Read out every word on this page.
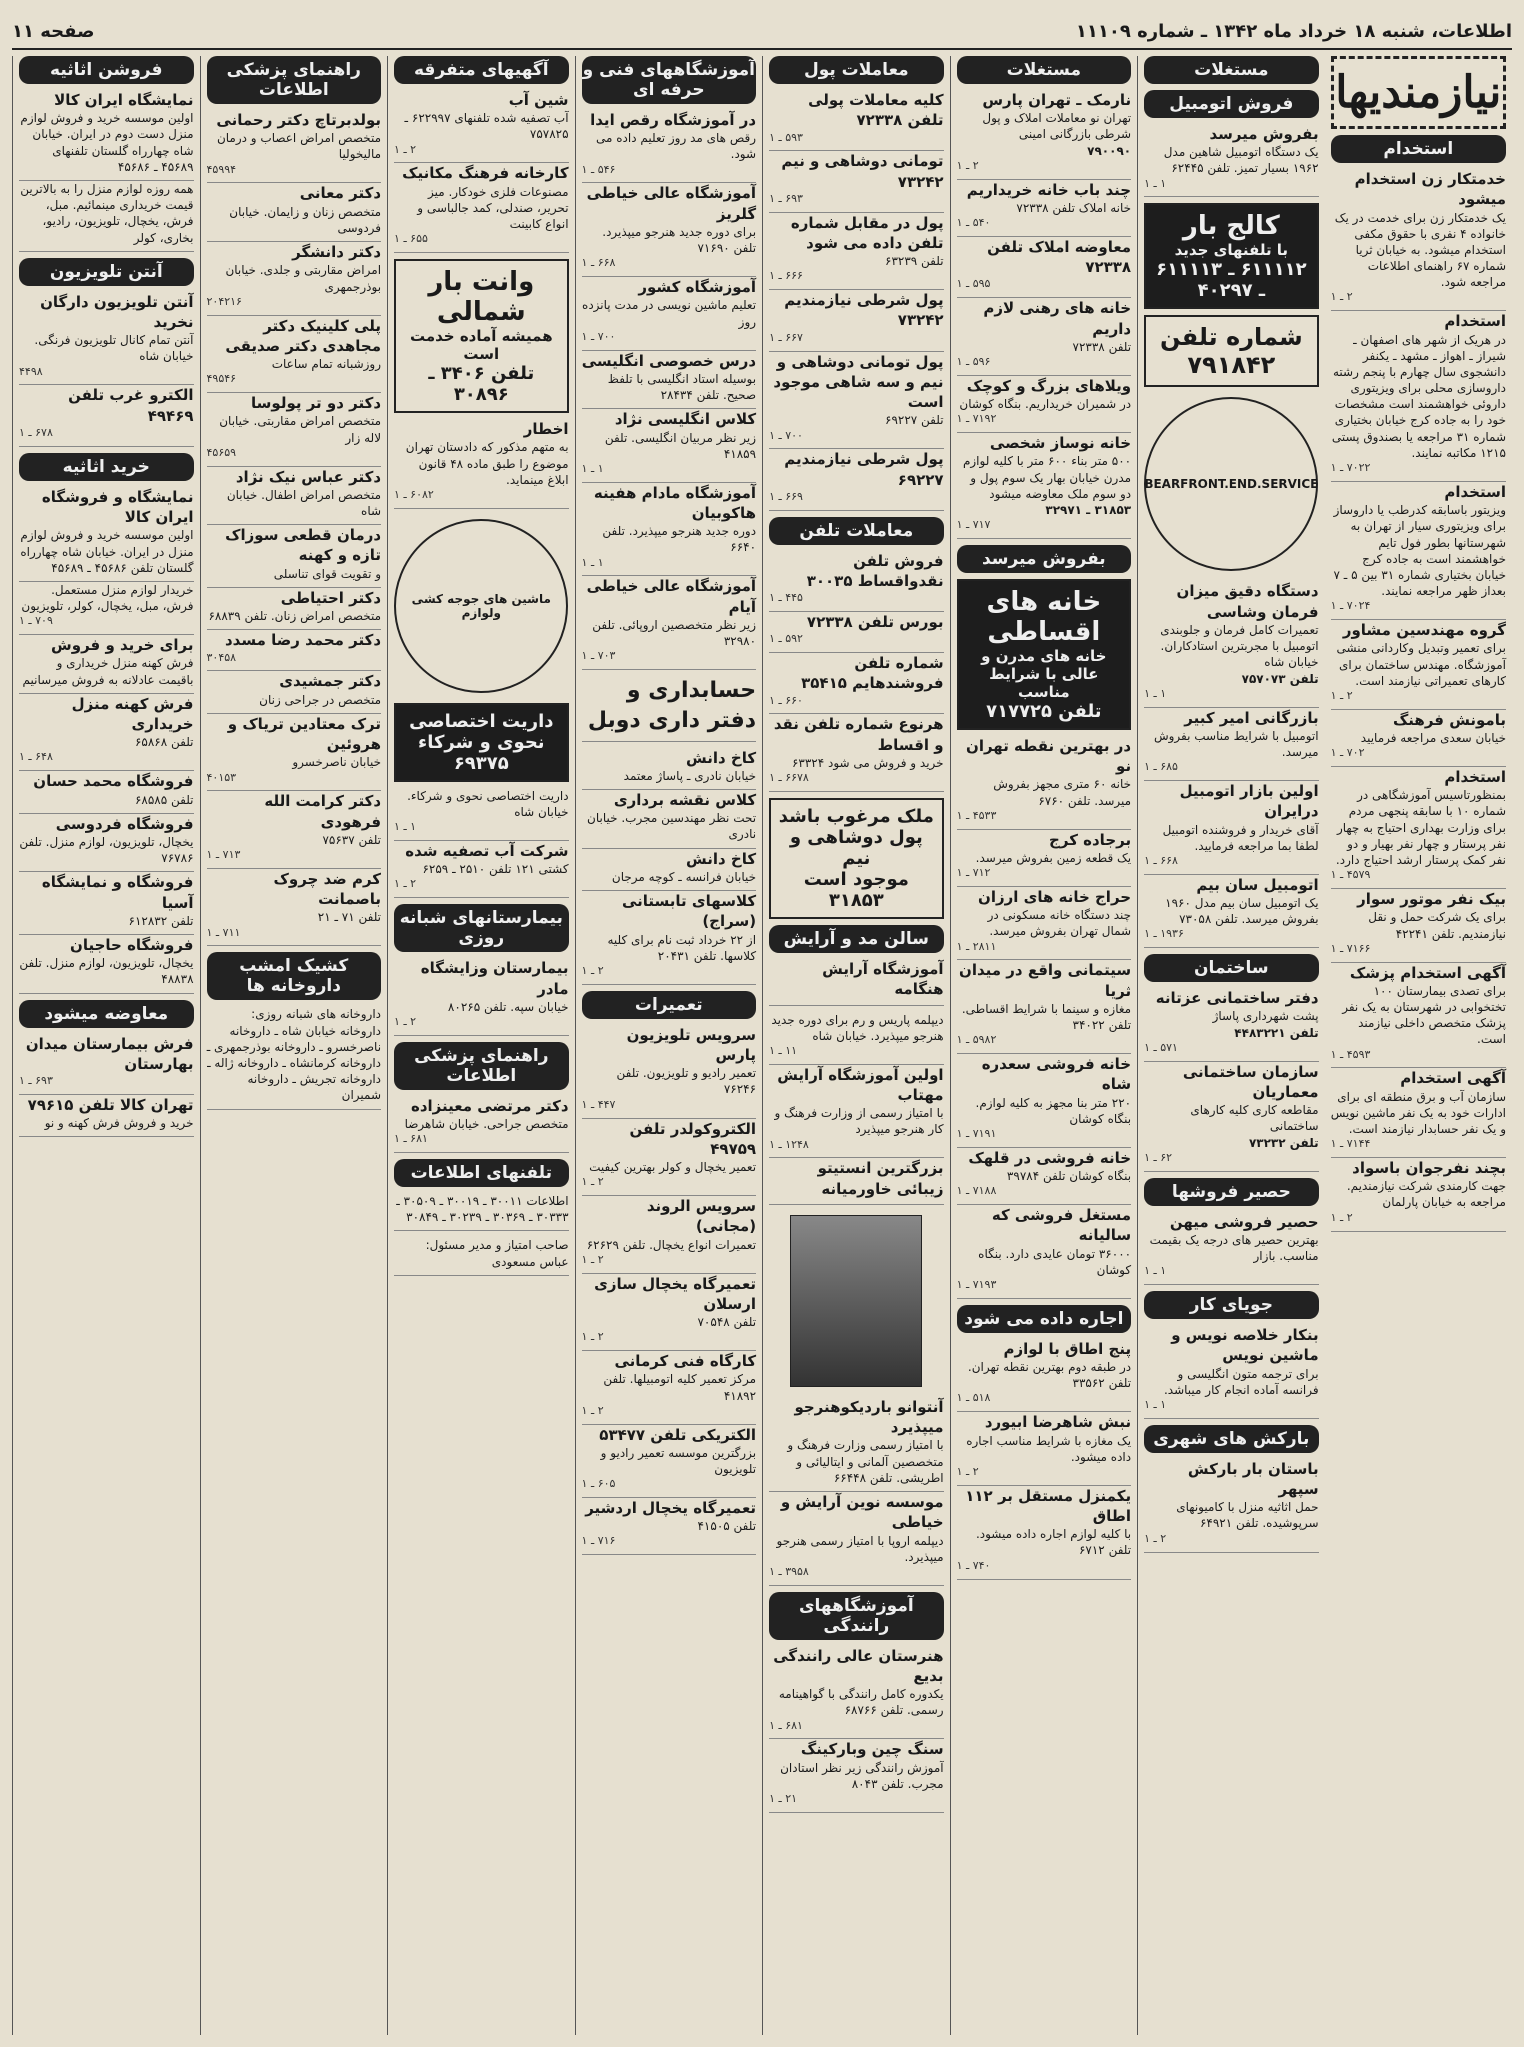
صفحه ۱۱	اطلاعات، شنبه ۱۸ خرداد ماه ۱۳۴۲ ـ شماره ۱۱۱۰۹
نیازمندیها
استخدام
خدمتکار زن استخدام میشود
یک خدمتکار زن برای خدمت در یک خانواده ۴ نفری با حقوق مکفی استخدام میشود. به خیابان ثریا شماره ۶۷ راهنمای اطلاعات مراجعه شود.
۲ ـ ۱
استخدام
در هریک از شهر های اصفهان ـ شیراز ـ اهواز ـ مشهد ـ یکنفر دانشجوی سال چهارم با پنجم رشته داروسازی محلی برای ویزیتوری داروئی خواهشمند است مشخصات خود را به جاده کرج خیابان بختیاری شماره ۳۱ مراجعه یا بصندوق پستی ۱۲۱۵ مکاتبه نمایند.
۷۰۲۲ ـ ۱
استخدام
ویزیتور باسابقه کدرطب یا داروساز برای ویزیتوری سیار از تهران به شهرستانها بطور فول تایم خواهشمند است به جاده کرج خیابان بختیاری شماره ۳۱ بین ۵ ـ ۷ بعداز ظهر مراجعه نمایند.
۷۰۲۴ ـ ۱
گروه مهندسین مشاور
برای تعمیر وتبدیل وکاردانی منشی آموزشگاه. مهندس ساختمان برای کارهای تعمیراتی نیازمند است.
۲ ـ ۱
بامونش فرهنگ
خیابان سعدی مراجعه فرمایید
۷۰۲ ـ ۱
استخدام
بمنظورتاسیس آموزشگاهی در شماره ۱۰ با سابقه پنجهی مردم برای وزارت بهداری احتیاج به چهار نفر پرستار و چهار نفر بهیار و دو نفر کمک پرستار ارشد احتیاج دارد.
۴۵۷۹ ـ ۱
بیک نفر موتور سوار
برای یک شرکت حمل و نقل نیازمندیم. تلفن ۴۲۲۴۱
۷۱۶۶ ـ ۱
آگهی استخدام پزشک
برای تصدی بیمارستان ۱۰۰ تختخوابی در شهرستان به یک نفر پزشک متخصص داخلی نیازمند است.
۴۵۹۳ ـ ۱
آگهی استخدام
سازمان آب و برق منطقه ای برای ادارات خود به یک نفر ماشین نویس و یک نفر حسابدار نیازمند است.
۷۱۴۴ ـ ۱
بچند نفرجوان باسواد
جهت کارمندی شرکت نیازمندیم. مراجعه به خیابان پارلمان
۲ ـ ۱
مستغلات
فروش اتومبیل
بفروش میرسد
یک دستگاه اتومبیل شاهین مدل ۱۹۶۲ بسیار تمیز. تلفن ۶۲۴۴۵
۱ ـ ۱
کالج بار
با تلفنهای جدید
۶۱۱۱۱۲ ـ ۶۱۱۱۱۳ ـ ۴۰۲۹۷
شماره تلفن ۷۹۱۸۴۲
BEARFRONT.END.SERVICE
دستگاه دقیق میزان فرمان وشاسی
تعمیرات کامل فرمان و جلوبندی اتومبیل با مجربترین استادکاران. خیابان شاه
تلفن ۷۵۷۰۷۳
۱ ـ ۱
بازرگانی امیر کبیر
اتومبیل با شرایط مناسب بفروش میرسد.
۶۸۵ ـ ۱
اولین بازار اتومبیل درایران
آقای خریدار و فروشنده اتومبیل لطفا بما مراجعه فرمایید.
۶۶۸ ـ ۱
اتومبیل سان بیم
یک اتومبیل سان بیم مدل ۱۹۶۰ بفروش میرسد. تلفن ۷۳۰۵۸
۱۹۳۶ ـ ۱
ساختمان
دفتر ساختمانی عزتانه
پشت شهرداری پاساژ
تلفن ۴۴۸۳۲۲۱
۵۷۱ ـ ۱
سازمان ساختمانی معماریان
مقاطعه کاری کلیه کارهای ساختمانی
تلفن ۷۳۲۳۲
۶۲ ـ ۱
حصیر فروشها
حصیر فروشی میهن
بهترین حصیر های درجه یک بقیمت مناسب. بازار
۱ ـ ۱
جویای کار
بنکار خلاصه نویس و ماشین نویس
برای ترجمه متون انگلیسی و فرانسه آماده انجام کار میباشد.
۱ ـ ۱
بارکش های شهری
باستان بار بارکش سپهر
حمل اثاثیه منزل با کامیونهای سرپوشیده. تلفن ۶۴۹۲۱
۲ ـ ۱
مستغلات
نارمک ـ تهران پارس
تهران نو معاملات املاک و پول شرطی بازرگانی امینی
۷۹۰۰۹۰
۲ ـ ۱
چند باب خانه خریداریم
خانه املاک تلفن ۷۲۳۳۸
۵۴۰ ـ ۱
معاوضه املاک تلفن ۷۲۳۳۸
۵۹۵ ـ ۱
خانه های رهنی لازم داریم
تلفن ۷۲۳۳۸
۵۹۶ ـ ۱
ویلاهای بزرگ و کوچک
در شمیران خریداریم. بنگاه کوشان
۷۱۹۲ ـ ۱
خانه نوساز شخصی
۵۰۰ متر بناء ۶۰۰ متر با کلیه لوازم مدرن خیابان بهار یک سوم پول و دو سوم ملک معاوضه میشود
۳۱۸۵۳ ـ ۳۲۹۷۱
۷۱۷ ـ ۱
بفروش میرسد
خانه های اقساطی
خانه های مدرن و عالی با شرایط مناسب
تلفن ۷۱۷۷۲۵
در بهترین نقطه تهران نو
خانه ۶۰ متری مجهز بفروش میرسد. تلفن ۶۷۶۰
۴۵۳۳ ـ ۱
برجاده کرج
یک قطعه زمین بفروش میرسد.
۷۱۲ ـ ۱
حراج خانه های ارزان
چند دستگاه خانه مسکونی در شمال تهران بفروش میرسد.
۲۸۱۱ ـ ۱
سیتمانی واقع در میدان ثریا
مغازه و سینما با شرایط اقساطی. تلفن ۳۴۰۲۲
۵۹۸۲ ـ ۱
خانه فروشی سعدره شاه
۲۲۰ متر بنا مجهز به کلیه لوازم. بنگاه کوشان
۷۱۹۱ ـ ۱
خانه فروشی در قلهک
بنگاه کوشان تلفن ۳۹۷۸۴
۷۱۸۸ ـ ۱
مستغل فروشی که سالیانه
۳۶۰۰۰ تومان عایدی دارد. بنگاه کوشان
۷۱۹۳ ـ ۱
اجاره داده می شود
پنج اطاق با لوازم
در طبقه دوم بهترین نقطه تهران. تلفن ۳۳۵۶۲
۵۱۸ ـ ۱
نبش شاهرضا ابیورد
یک مغازه با شرایط مناسب اجاره داده میشود.
۲ ـ ۱
یکمنزل مستقل بر ۱۱۲ اطاق
با کلیه لوازم اجاره داده میشود. تلفن ۶۷۱۲
۷۴۰ ـ ۱
معاملات پول
کلیه معاملات پولی تلفن ۷۲۳۳۸
۵۹۳ ـ ۱
تومانی دوشاهی و نیم ۷۳۲۴۲
۶۹۳ ـ ۱
پول در مقابل شماره تلفن داده می شود
تلفن ۶۳۲۳۹
۶۶۶ ـ ۱
پول شرطی نیازمندیم ۷۳۲۴۲
۶۶۷ ـ ۱
پول تومانی دوشاهی و نیم و سه شاهی موجود است
تلفن ۶۹۲۲۷
۷۰۰ ـ ۱
پول شرطی نیازمندیم ۶۹۲۲۷
۶۶۹ ـ ۱
معاملات تلفن
فروش تلفن نقدواقساط ۳۰۰۳۵
۴۴۵ ـ ۱
بورس تلفن ۷۲۳۳۸
۵۹۲ ـ ۱
شماره تلفن فروشندهایم ۳۵۴۱۵
۶۶۰ ـ ۱
هرنوع شماره تلفن نقد و اقساط
خرید و فروش می شود ۶۳۳۲۴
۶۶۷۸ ـ ۱
ملک مرغوب باشد
پول دوشاهی و نیم
موجود است ۳۱۸۵۳
سالن مد و آرایش
آموزشگاه آرایش هنگامه
دیپلمه پاریس و رم برای دوره جدید هنرجو میپذیرد. خیابان شاه
۱۱ ـ ۱
اولین آموزشگاه آرایش مهتاب
با امتیاز رسمی از وزارت فرهنگ و کار هنرجو میپذیرد
۱۲۴۸ ـ ۱
بزرگترین انستیتو زیبائی خاورمیانه
آنتوانو باردیکوهنرجو میپذیرد
با امتیاز رسمی وزارت فرهنگ و متخصصین آلمانی و ایتالیائی و اطریشی. تلفن ۶۶۴۴۸
موسسه نوین آرایش و خیاطی
دیپلمه اروپا با امتیاز رسمی هنرجو میپذیرد.
۳۹۵۸ ـ ۱
آموزشگاههای رانندگی
هنرستان عالی رانندگی بدیع
یکدوره کامل رانندگی با گواهینامه رسمی. تلفن ۶۸۷۶۶
۶۸۱ ـ ۱
سنگ چین وبارکینگ
آموزش رانندگی زیر نظر استادان مجرب. تلفن ۸۰۴۳
۲۱ ـ ۱
آموزشگاههای فنی و حرفه ای
در آموزشگاه رقص ایدا
رقص های مد روز تعلیم داده می شود.
۵۴۶ ـ ۱
آموزشگاه عالی خیاطی گلریز
برای دوره جدید هنرجو میپذیرد. تلفن ۷۱۶۹۰
۶۶۸ ـ ۱
آموزشگاه کشور
تعلیم ماشین نویسی در مدت پانزده روز
۷۰۰ ـ ۱
درس خصوصی انگلیسی
بوسیله استاد انگلیسی با تلفظ صحیح. تلفن ۲۸۴۳۴
کلاس انگلیسی نژاد
زیر نظر مربیان انگلیسی. تلفن ۴۱۸۵۹
۱ ـ ۱
آموزشگاه مادام هفینه هاکوبیان
دوره جدید هنرجو میپذیرد. تلفن ۶۶۴۰
۱ ـ ۱
آموزشگاه عالی خیاطی آیام
زیر نظر متخصصین اروپائی. تلفن ۳۲۹۸۰
۷۰۳ ـ ۱
حسابداری و دفتر داری دوبل
کاخ دانش
خیابان نادری ـ پاساژ معتمد
کلاس نقشه برداری
تحت نظر مهندسین مجرب. خیابان نادری
کاخ دانش
خیابان فرانسه ـ کوچه مرجان
کلاسهای تابستانی (سراج)
از ۲۲ خرداد ثبت نام برای کلیه کلاسها. تلفن ۲۰۴۳۱
۲ ـ ۱
تعمیرات
سرویس تلویزیون پارس
تعمیر رادیو و تلویزیون. تلفن ۷۶۲۴۶
۴۴۷ ـ ۱
الکتروکولدر تلفن ۴۹۷۵۹
تعمیر یخچال و کولر بهترین کیفیت
۲ ـ ۱
سرویس الروند (مجانی)
تعمیرات انواع یخچال. تلفن ۶۲۶۲۹
۲ ـ ۱
تعمیرگاه یخچال سازی ارسلان
تلفن ۷۰۵۴۸
۲ ـ ۱
کارگاه فنی کرمانی
مرکز تعمیر کلیه اتومبیلها. تلفن ۴۱۸۹۲
۲ ـ ۱
الکتریکی تلفن ۵۳۴۷۷
بزرگترین موسسه تعمیر رادیو و تلویزیون
۶۰۵ ـ ۱
تعمیرگاه یخچال اردشیر
تلفن ۴۱۵۰۵
۷۱۶ ـ ۱
آگهیهای متفرقه
شین آب
آب تصفیه شده تلفنهای ۶۲۲۹۹۷ ـ ۷۵۷۸۲۵
۲ ـ ۱
کارخانه فرهنگ مکانیک
مصنوعات فلزی خودکار. میز تحریر، صندلی، کمد جالباسی و انواع کابینت
۶۵۵ ـ ۱
وانت بار شمالی
همیشه آماده خدمت است
تلفن ۳۴۰۶ ـ ۳۰۸۹۶
اخطار
به متهم مذکور که دادستان تهران موضوع را طبق ماده ۴۸ قانون ابلاغ مینماید.
۶۰۸۲ ـ ۱
ماشین های جوجه کشی ولوازم
داریت اختصاصی
نحوی و شرکاء ۶۹۳۷۵
داریت اختصاصی نحوی و شرکاء. خیابان شاه
۱ ـ ۱
شرکت آب تصفیه شده
کشتی ۱۲۱ تلفن ۲۵۱۰ ـ ۶۲۵۹
۲ ـ ۱
بیمارستانهای شبانه روزی
بیمارستان وزایشگاه مادر
خیابان سپه. تلفن ۸۰۲۶۵
۲ ـ ۱
راهنمای پزشکی اطلاعات
دکتر مرتضی معینزاده
متخصص جراحی. خیابان شاهرضا
۶۸۱ ـ ۱
تلفنهای اطلاعات
اطلاعات ۳۰۰۱۱ ـ ۳۰۰۱۹ ـ ۳۰۵۰۹ ـ ۳۰۳۳۳ ـ ۳۰۳۶۹ ـ ۳۰۲۳۹ ـ ۳۰۸۴۹
صاحب امتیاز و مدیر مسئول: عباس مسعودی
راهنمای پزشکی اطلاعات
بولدبرتاچ دکتر رحمانی
متخصص امراض اعصاب و درمان مالیخولیا
۴۵۹۹۴
دکتر معانی
متخصص زنان و زایمان. خیابان فردوسی
دکتر دانشگر
امراض مقاربتی و جلدی. خیابان بوذرجمهری
۲۰۴۲۱۶
پلی کلینیک دکتر مجاهدی دکتر صدیقی
روزشبانه تمام ساعات
۴۹۵۴۶
دکتر دو تر پولوسا
متخصص امراض مقاربتی. خیابان لاله زار
۴۵۶۵۹
دکتر عباس نیک نژاد
متخصص امراض اطفال. خیابان شاه
درمان قطعی سوزاک تازه و کهنه
و تقویت قوای تناسلی
دکتر احتیاطی
متخصص امراض زنان. تلفن ۶۸۸۳۹
دکتر محمد رضا مسدد
۳۰۴۵۸
دکتر جمشیدی
متخصص در جراحی زنان
ترک معتادین تریاک و هروئین
خیابان ناصرخسرو
۴۰۱۵۳
دکتر کرامت الله فرهودی
تلفن ۷۵۶۳۷
۷۱۳ ـ ۱
کرم ضد چروک باصمانت
تلفن ۷۱ ـ ۲۱
۷۱۱ ـ ۱
کشیک امشب داروخانه ها
داروخانه های شبانه روزی: داروخانه خیابان شاه ـ داروخانه ناصرخسرو ـ داروخانه بوذرجمهری ـ داروخانه کرمانشاه ـ داروخانه ژاله ـ داروخانه تجریش ـ داروخانه شمیران
فروشن اثاثیه
نمایشگاه ایران کالا
اولین موسسه خرید و فروش لوازم منزل دست دوم در ایران. خیابان شاه چهارراه گلستان تلفنهای ۴۵۶۸۹ ـ ۴۵۶۸۶
همه روزه لوازم منزل را به بالاترین قیمت خریداری مینمائیم. مبل، فرش، یخچال، تلویزیون، رادیو، بخاری، کولر
آنتن تلویزیون
آنتن تلویزیون دارگان نخرید
آنتن تمام کانال تلویزیون فرنگی. خیابان شاه
۴۴۹۸
الکترو غرب تلفن ۴۹۴۶۹
۶۷۸ ـ ۱
خرید اثاثیه
نمایشگاه و فروشگاه ایران کالا
اولین موسسه خرید و فروش لوازم منزل در ایران. خیابان شاه چهارراه گلستان تلفن ۴۵۶۸۶ ـ ۴۵۶۸۹
خریدار لوازم منزل مستعمل. فرش، مبل، یخچال، کولر، تلویزیون
۷۰۹ ـ ۱
برای خرید و فروش
فرش کهنه منزل خریداری و باقیمت عادلانه به فروش میرسانیم
فرش کهنه منزل خریداری
تلفن ۶۵۸۶۸
۶۴۸ ـ ۱
فروشگاه محمد حسان
تلفن ۶۸۵۸۵
فروشگاه فردوسی
یخچال، تلویزیون، لوازم منزل. تلفن ۷۶۷۸۶
فروشگاه و نمایشگاه آسیا
تلفن ۶۱۲۸۳۲
فروشگاه حاجیان
یخچال، تلویزیون، لوازم منزل. تلفن ۴۸۸۳۸
معاوضه میشود
فرش بیمارستان میدان بهارستان
۶۹۳ ـ ۱
تهران کالا تلفن ۷۹۶۱۵
خرید و فروش فرش کهنه و نو
